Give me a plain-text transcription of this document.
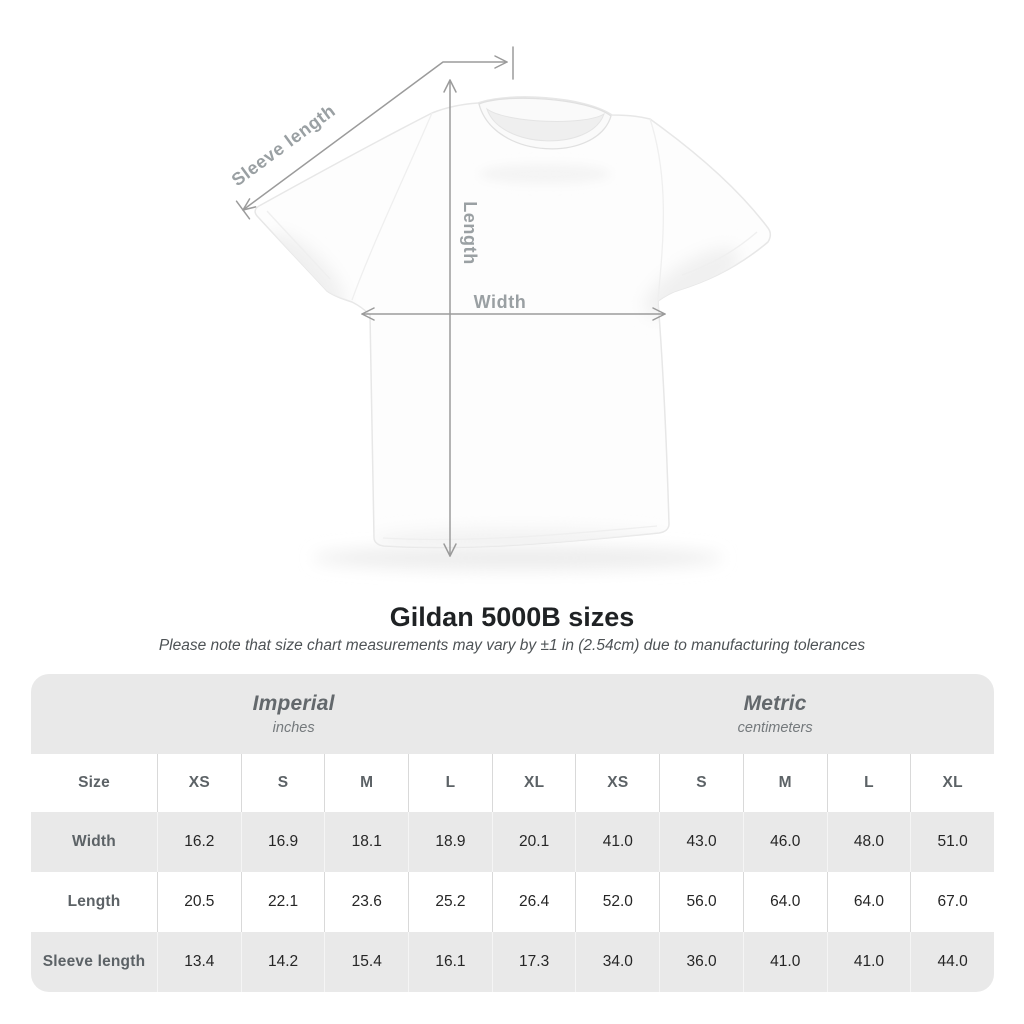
Width
Length
Sleeve length
Gildan 5000B sizes
Please note that size chart measurements may vary by ±1 in (2.54cm) due to manufacturing tolerances
Imperial
inches
Metric
centimeters
Size	XS	S	M	L	XL	XS	S	M	L	XL
Width	16.2	16.9	18.1	18.9	20.1	41.0	43.0	46.0	48.0	51.0
Length	20.5	22.1	23.6	25.2	26.4	52.0	56.0	64.0	64.0	67.0
Sleeve length	13.4	14.2	15.4	16.1	17.3	34.0	36.0	41.0	41.0	44.0
